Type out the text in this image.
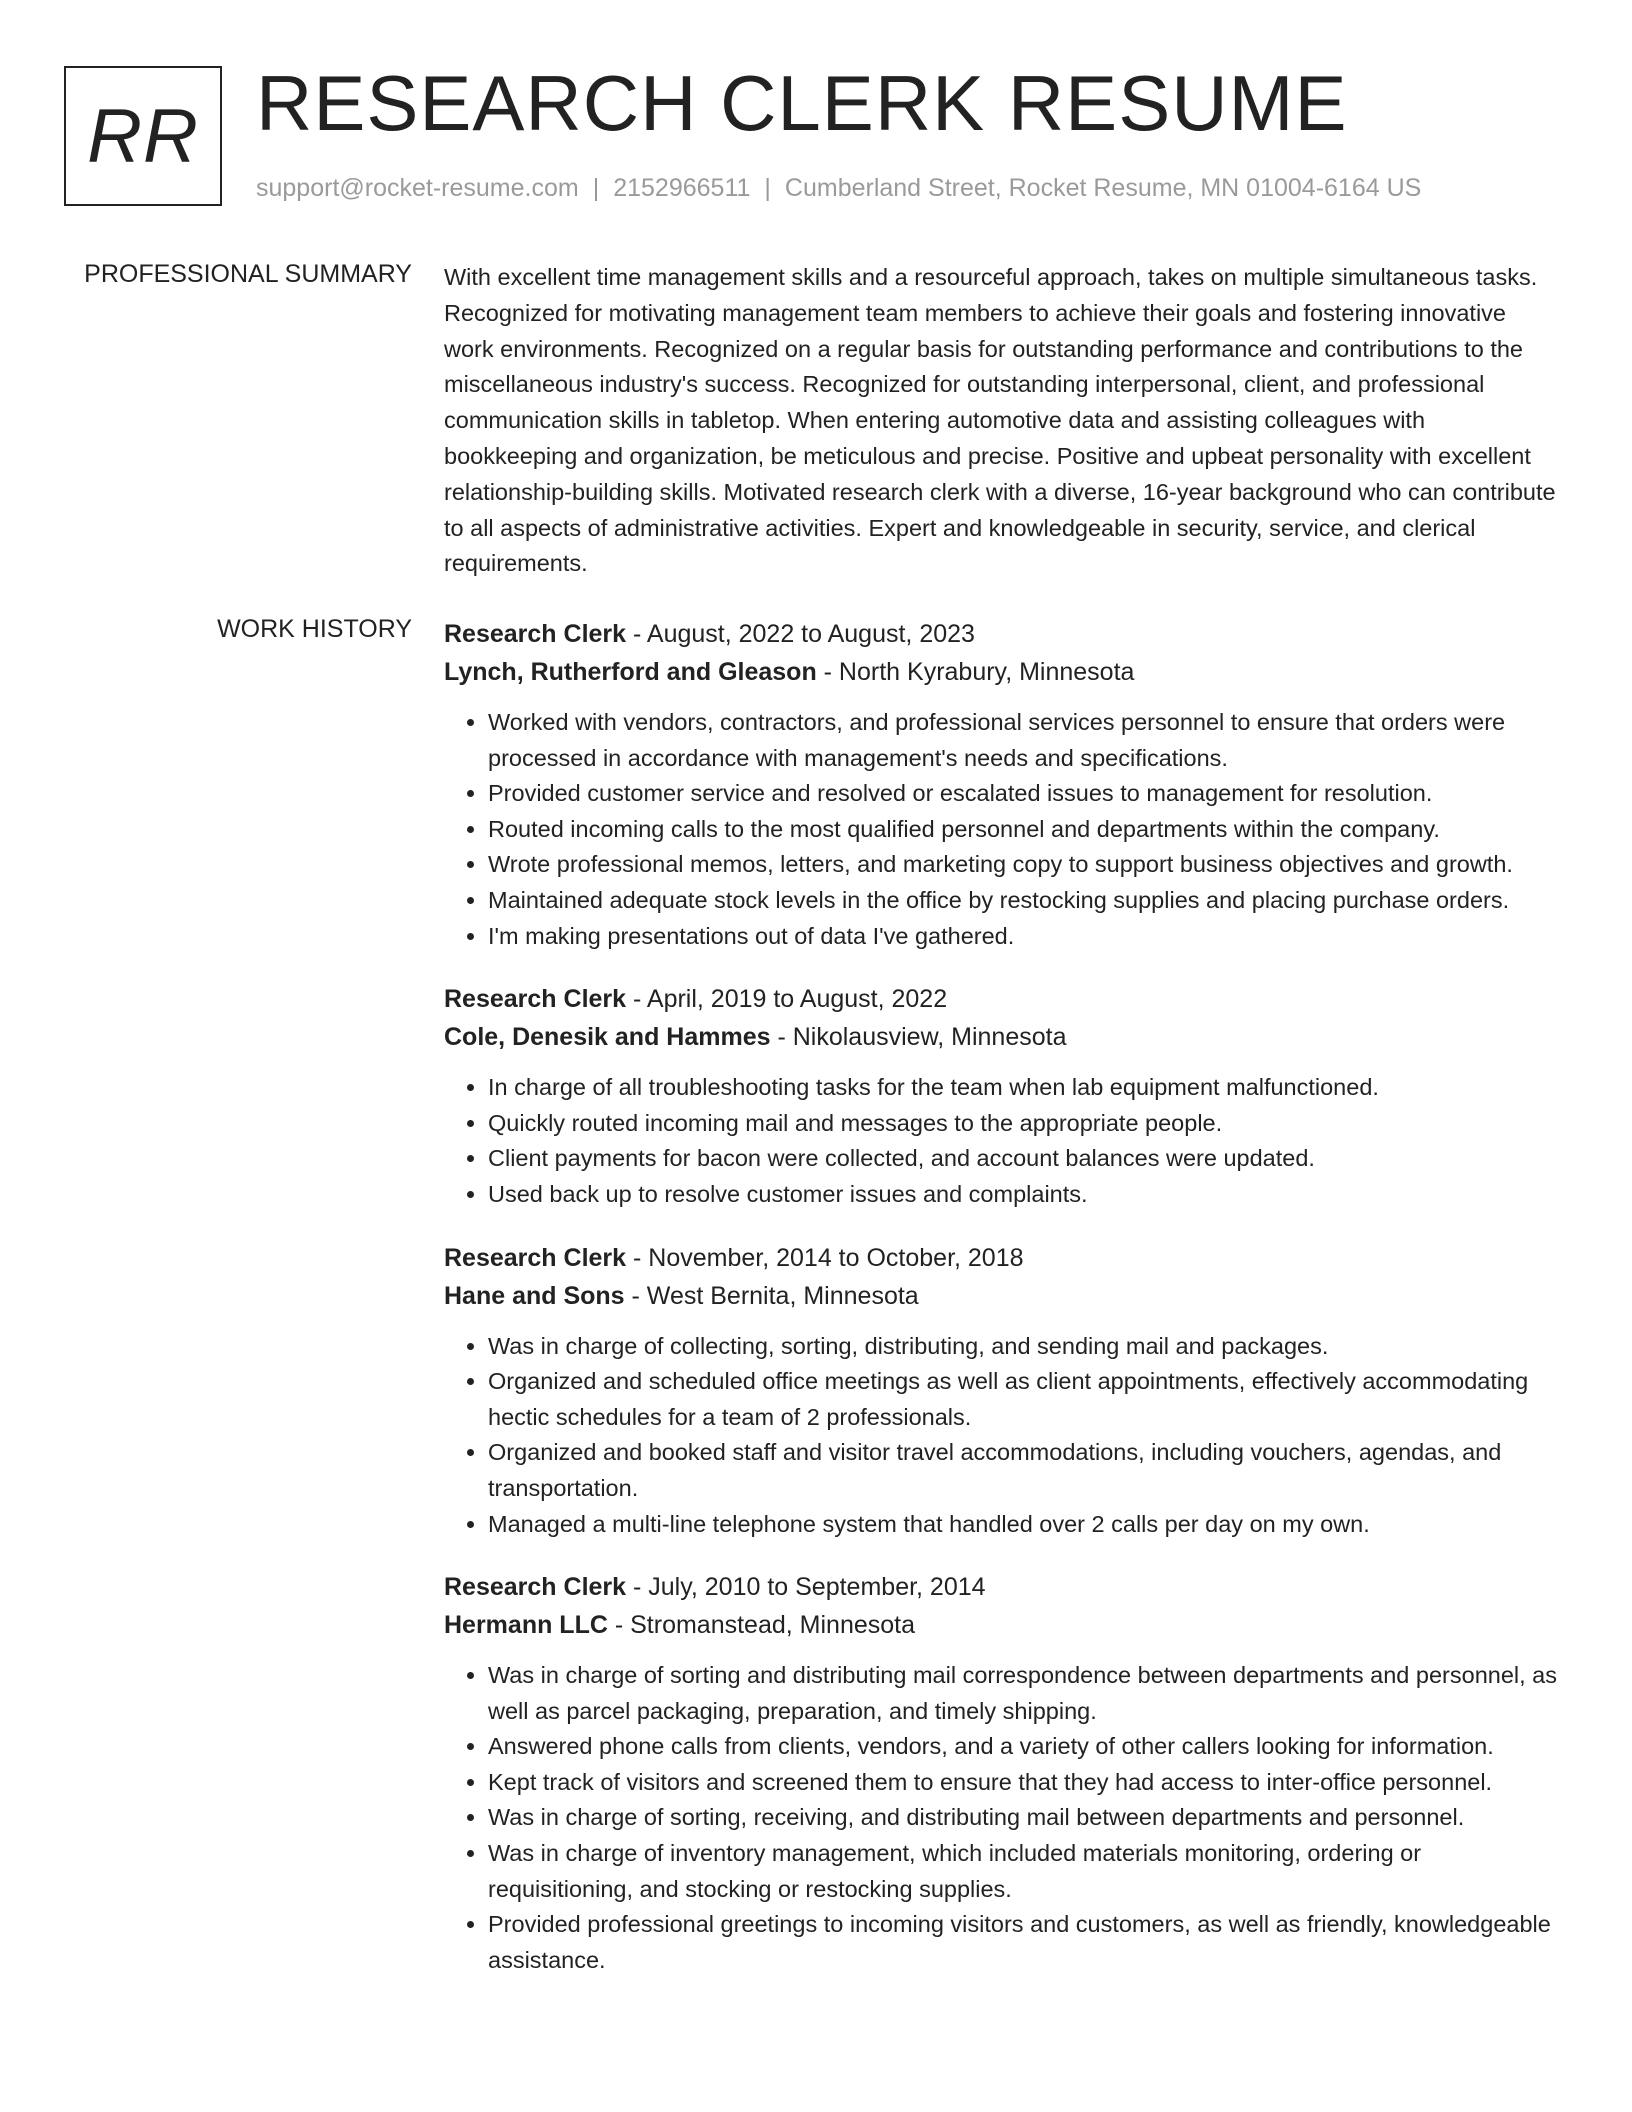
RR RESEARCH CLERK RESUME
support@rocket-resume.com | 2152966511 | Cumberland Street, Rocket Resume, MN 01004-6164 US
PROFESSIONAL SUMMARY With excellent time management skills and a resourceful approach, takes on multiple simultaneous tasks. Recognized for motivating management team members to achieve their goals and fostering innovative work environments. Recognized on a regular basis for outstanding performance and contributions to the miscellaneous industry's success. Recognized for outstanding interpersonal, client, and professional communication skills in tabletop. When entering automotive data and assisting colleagues with bookkeeping and organization, be meticulous and precise. Positive and upbeat personality with excellent relationship-building skills. Motivated research clerk with a diverse, 16-year background who can contribute to all aspects of administrative activities. Expert and knowledgeable in security, service, and clerical requirements.

WORK HISTORY Research Clerk - August, 2022 to August, 2023
Lynch, Rutherford and Gleason - North Kyrabury, Minnesota
• Worked with vendors, contractors, and professional services personnel to ensure that orders were processed in accordance with management's needs and specifications.
• Provided customer service and resolved or escalated issues to management for resolution.
• Routed incoming calls to the most qualified personnel and departments within the company.
• Wrote professional memos, letters, and marketing copy to support business objectives and growth.
• Maintained adequate stock levels in the office by restocking supplies and placing purchase orders.
• I'm making presentations out of data I've gathered.
Research Clerk - April, 2019 to August, 2022
Cole, Denesik and Hammes - Nikolausview, Minnesota
• In charge of all troubleshooting tasks for the team when lab equipment malfunctioned.
• Quickly routed incoming mail and messages to the appropriate people.
• Client payments for bacon were collected, and account balances were updated.
• Used back up to resolve customer issues and complaints.
Research Clerk - November, 2014 to October, 2018
Hane and Sons - West Bernita, Minnesota
• Was in charge of collecting, sorting, distributing, and sending mail and packages.
• Organized and scheduled office meetings as well as client appointments, effectively accommodating hectic schedules for a team of 2 professionals.
• Organized and booked staff and visitor travel accommodations, including vouchers, agendas, and transportation.
• Managed a multi-line telephone system that handled over 2 calls per day on my own.
Research Clerk - July, 2010 to September, 2014
Hermann LLC - Stromanstead, Minnesota
• Was in charge of sorting and distributing mail correspondence between departments and personnel, as well as parcel packaging, preparation, and timely shipping.
• Answered phone calls from clients, vendors, and a variety of other callers looking for information.
• Kept track of visitors and screened them to ensure that they had access to inter-office personnel.
• Was in charge of sorting, receiving, and distributing mail between departments and personnel.
• Was in charge of inventory management, which included materials monitoring, ordering or requisitioning, and stocking or restocking supplies.
• Provided professional greetings to incoming visitors and customers, as well as friendly, knowledgeable assistance.
